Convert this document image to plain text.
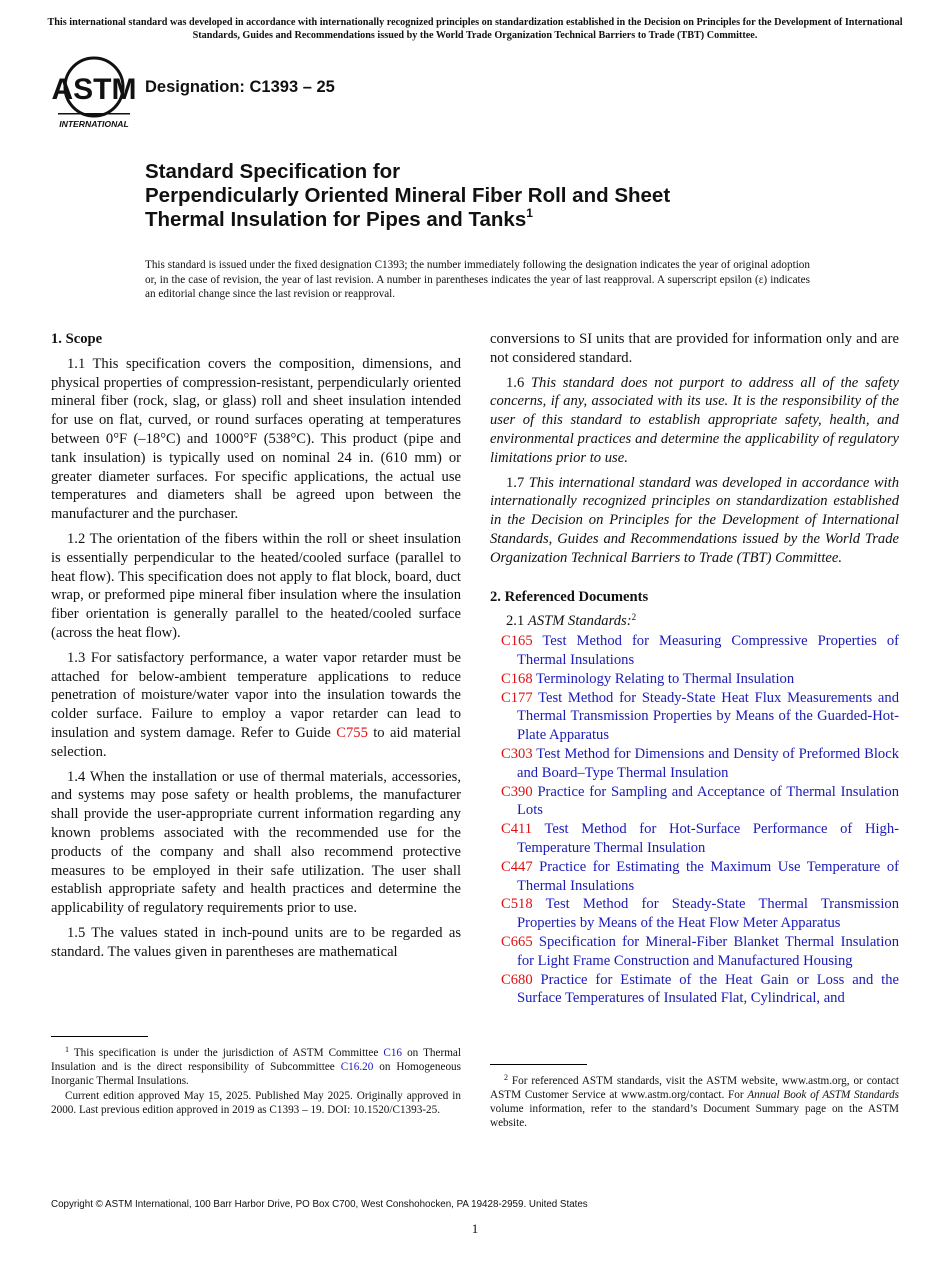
This international standard was developed in accordance with internationally recognized principles on standardization established in the Decision on Principles for the Development of International Standards, Guides and Recommendations issued by the World Trade Organization Technical Barriers to Trade (TBT) Committee.
ASTM
INTERNATIONAL
Designation: C1393 – 25
Standard Specification for
Perpendicularly Oriented Mineral Fiber Roll and Sheet
Thermal Insulation for Pipes and Tanks$^1$
This standard is issued under the fixed designation C1393; the number immediately following the designation indicates the year of original adoption or, in the case of revision, the year of last revision. A number in parentheses indicates the year of last reapproval. A superscript epsilon (ε) indicates an editorial change since the last revision or reapproval.
1. Scope

1.1 This specification covers the composition, dimensions, and physical properties of compression-resistant, perpendicularly oriented mineral fiber (rock, slag, or glass) roll and sheet insulation intended for use on flat, curved, or round surfaces operating at temperatures between 0°F (–18°C) and 1000°F (538°C). This product (pipe and tank insulation) is typically used on nominal 24 in. (610 mm) or greater diameter surfaces. For specific applications, the actual use temperatures and diameters shall be agreed upon between the manufacturer and the purchaser.

1.2 The orientation of the fibers within the roll or sheet insulation is essentially perpendicular to the heated/cooled surface (parallel to heat flow). This specification does not apply to flat block, board, duct wrap, or preformed pipe mineral fiber insulation where the insulation fiber orientation is generally parallel to the heated/cooled surface (across the heat flow).

1.3 For satisfactory performance, a water vapor retarder must be attached for below-ambient temperature applications to reduce penetration of moisture/water vapor into the insulation towards the colder surface. Failure to employ a vapor retarder can lead to insulation and system damage. Refer to Guide C755 to aid material selection.

1.4 When the installation or use of thermal materials, accessories, and systems may pose safety or health problems, the manufacturer shall provide the user-appropriate current information regarding any known problems associated with the recommended use for the products of the company and shall also recommend protective measures to be employed in their safe utilization. The user shall establish appropriate safety and health practices and determine the applicability of regulatory requirements prior to use.

1.5 The values stated in inch-pound units are to be regarded as standard. The values given in parentheses are mathematical

conversions to SI units that are provided for information only and are not considered standard.

1.6 This standard does not purport to address all of the safety concerns, if any, associated with its use. It is the responsibility of the user of this standard to establish appropriate safety, health, and environmental practices and determine the applicability of regulatory limitations prior to use.

1.7 This international standard was developed in accordance with internationally recognized principles on standardization established in the Decision on Principles for the Development of International Standards, Guides and Recommendations issued by the World Trade Organization Technical Barriers to Trade (TBT) Committee.

2. Referenced Documents
2.1 ASTM Standards:$^2$
C165 Test Method for Measuring Compressive Properties of Thermal Insulations
C168 Terminology Relating to Thermal Insulation
C177 Test Method for Steady-State Heat Flux Measurements and Thermal Transmission Properties by Means of the Guarded-Hot-Plate Apparatus
C303 Test Method for Dimensions and Density of Preformed Block and Board–Type Thermal Insulation
C390 Practice for Sampling and Acceptance of Thermal Insulation Lots
C411 Test Method for Hot-Surface Performance of High-Temperature Thermal Insulation
C447 Practice for Estimating the Maximum Use Temperature of Thermal Insulations
C518 Test Method for Steady-State Thermal Transmission Properties by Means of the Heat Flow Meter Apparatus
C665 Specification for Mineral-Fiber Blanket Thermal Insulation for Light Frame Construction and Manufactured Housing
C680 Practice for Estimate of the Heat Gain or Loss and the Surface Temperatures of Insulated Flat, Cylindrical, and

$^1$ This specification is under the jurisdiction of ASTM Committee C16 on Thermal Insulation and is the direct responsibility of Subcommittee C16.20 on Homogeneous Inorganic Thermal Insulations.

Current edition approved May 15, 2025. Published May 2025. Originally approved in 2000. Last previous edition approved in 2019 as C1393 – 19. DOI: 10.1520/C1393-25.

$^2$ For referenced ASTM standards, visit the ASTM website, www.astm.org, or contact ASTM Customer Service at www.astm.org/contact. For Annual Book of ASTM Standards volume information, refer to the standard’s Document Summary page on the ASTM website.

Copyright © ASTM International, 100 Barr Harbor Drive, PO Box C700, West Conshohocken, PA 19428-2959. United States
1
